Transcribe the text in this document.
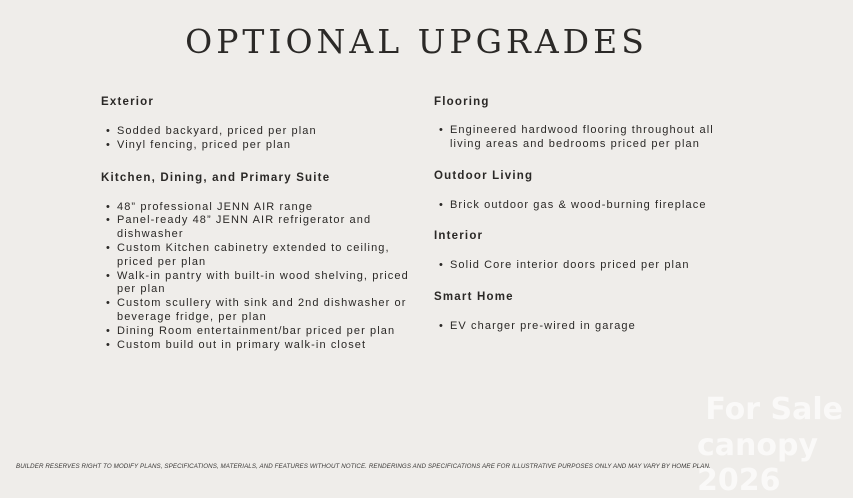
OPTIONAL UPGRADES
Exterior
• Sodded backyard, priced per plan
• Vinyl fencing, priced per plan
Kitchen, Dining, and Primary Suite
• 48” professional JENN AIR range
• Panel-ready 48” JENN AIR refrigerator and dishwasher
• Custom Kitchen cabinetry extended to ceiling, priced per plan
• Walk-in pantry with built-in wood shelving, priced per plan
• Custom scullery with sink and 2nd dishwasher or beverage fridge, per plan
• Dining Room entertainment/bar priced per plan
• Custom build out in primary walk-in closet
Flooring
• Engineered hardwood flooring throughout all living areas and bedrooms priced per plan
Outdoor Living
• Brick outdoor gas & wood-burning fireplace
Interior
• Solid Core interior doors priced per plan
Smart Home
• EV charger pre-wired in garage
For Sale
canopy 2026
BUILDER RESERVES RIGHT TO MODIFY PLANS, SPECIFICATIONS, MATERIALS, AND FEATURES WITHOUT NOTICE. RENDERINGS AND SPECIFICATIONS ARE FOR ILLUSTRATIVE PURPOSES ONLY AND MAY VARY BY HOME PLAN.
